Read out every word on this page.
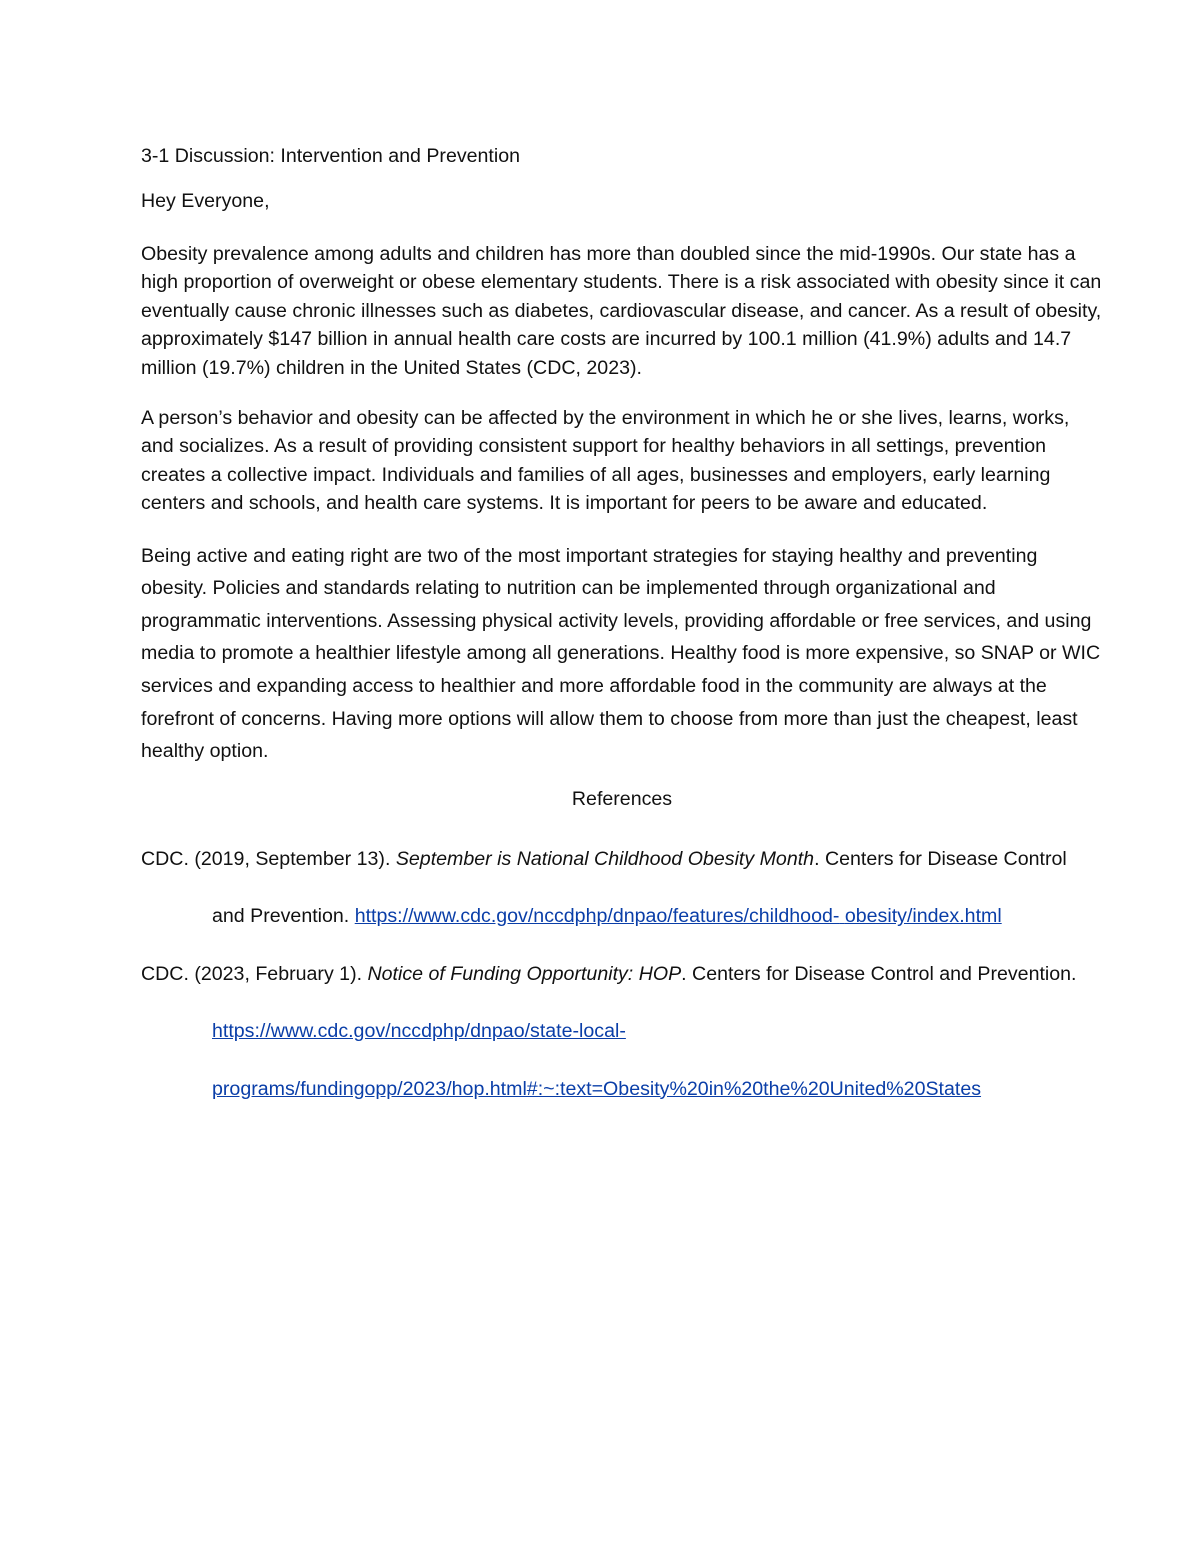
3-1 Discussion: Intervention and Prevention

Hey Everyone,

Obesity prevalence among adults and children has more than doubled since the mid-1990s. Our state has a high proportion of overweight or obese elementary students. There is a risk associated with obesity since it can eventually cause chronic illnesses such as diabetes, cardiovascular disease, and cancer. As a result of obesity, approximately $147 billion in annual health care costs are incurred by 100.1 million (41.9%) adults and 14.7 million (19.7%) children in the United States (CDC, 2023).

A person’s behavior and obesity can be affected by the environment in which he or she lives, learns, works, and socializes. As a result of providing consistent support for healthy behaviors in all settings, prevention creates a collective impact. Individuals and families of all ages, businesses and employers, early learning centers and schools, and health care systems. It is important for peers to be aware and educated.

Being active and eating right are two of the most important strategies for staying healthy and preventing obesity. Policies and standards relating to nutrition can be implemented through organizational and programmatic interventions. Assessing physical activity levels, providing affordable or free services, and using media to promote a healthier lifestyle among all generations. Healthy food is more expensive, so SNAP or WIC services and expanding access to healthier and more affordable food in the community are always at the forefront of concerns. Having more options will allow them to choose from more than just the cheapest, least healthy option.

References

CDC. (2019, September 13). September is National Childhood Obesity Month. Centers for Disease Control and Prevention. https://www.cdc.gov/nccdphp/dnpao/features/childhood- obesity/index.html

CDC. (2023, February 1). Notice of Funding Opportunity: HOP. Centers for Disease Control and Prevention. https://www.cdc.gov/nccdphp/dnpao/state-local- programs/fundingopp/2023/hop.html#:~:text=Obesity%20in%20the%20United%20States
